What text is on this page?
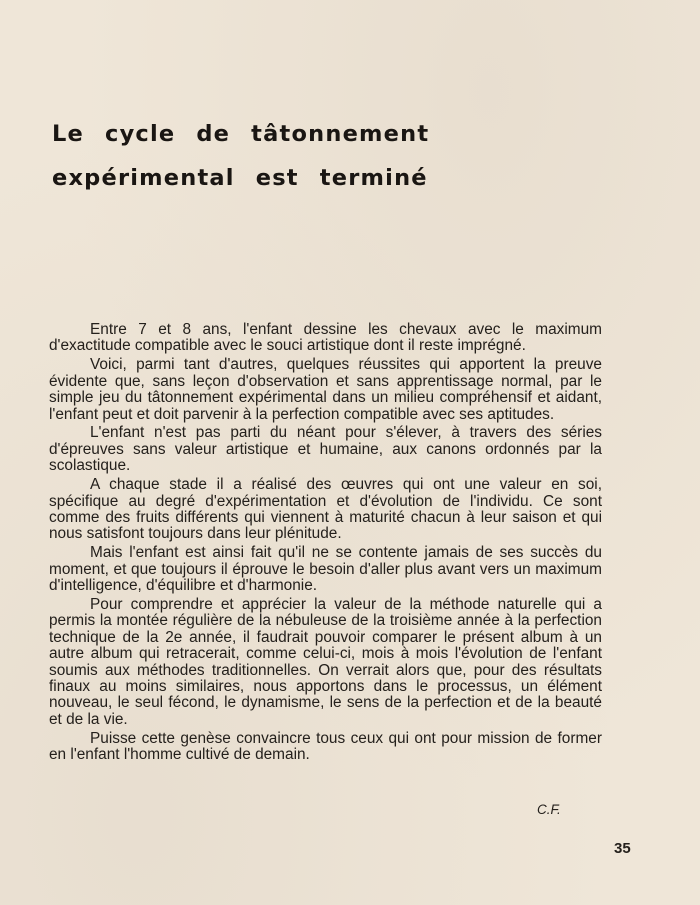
Le cycle de tâtonnement
expérimental est terminé

Entre 7 et 8 ans, l'enfant dessine les chevaux avec le maximum d'exactitude compatible avec le souci artistique dont il reste imprégné.

Voici, parmi tant d'autres, quelques réussites qui apportent la preuve évidente que, sans leçon d'observation et sans apprentissage normal, par le simple jeu du tâtonnement expérimental dans un milieu compréhensif et aidant, l'enfant peut et doit parvenir à la perfection compatible avec ses aptitudes.

L'enfant n'est pas parti du néant pour s'élever, à travers des séries d'épreuves sans valeur artistique et humaine, aux canons ordonnés par la scolastique.

A chaque stade il a réalisé des œuvres qui ont une valeur en soi, spécifique au degré d'expérimentation et d'évolution de l'individu. Ce sont comme des fruits différents qui viennent à maturité chacun à leur saison et qui nous satisfont toujours dans leur plénitude.

Mais l'enfant est ainsi fait qu'il ne se contente jamais de ses succès du moment, et que toujours il éprouve le besoin d'aller plus avant vers un maximum d'intelligence, d'équilibre et d'harmonie.

Pour comprendre et apprécier la valeur de la méthode naturelle qui a permis la montée régulière de la nébuleuse de la troisième année à la perfection technique de la 2e année, il faudrait pouvoir comparer le présent album à un autre album qui retracerait, comme celui-ci, mois à mois l'évolution de l'enfant soumis aux méthodes traditionnelles. On verrait alors que, pour des résultats finaux au moins similaires, nous apportons dans le processus, un élément nouveau, le seul fécond, le dynamisme, le sens de la perfection et de la beauté et de la vie.

Puisse cette genèse convaincre tous ceux qui ont pour mission de former en l'enfant l'homme cultivé de demain.

C.F.
35
